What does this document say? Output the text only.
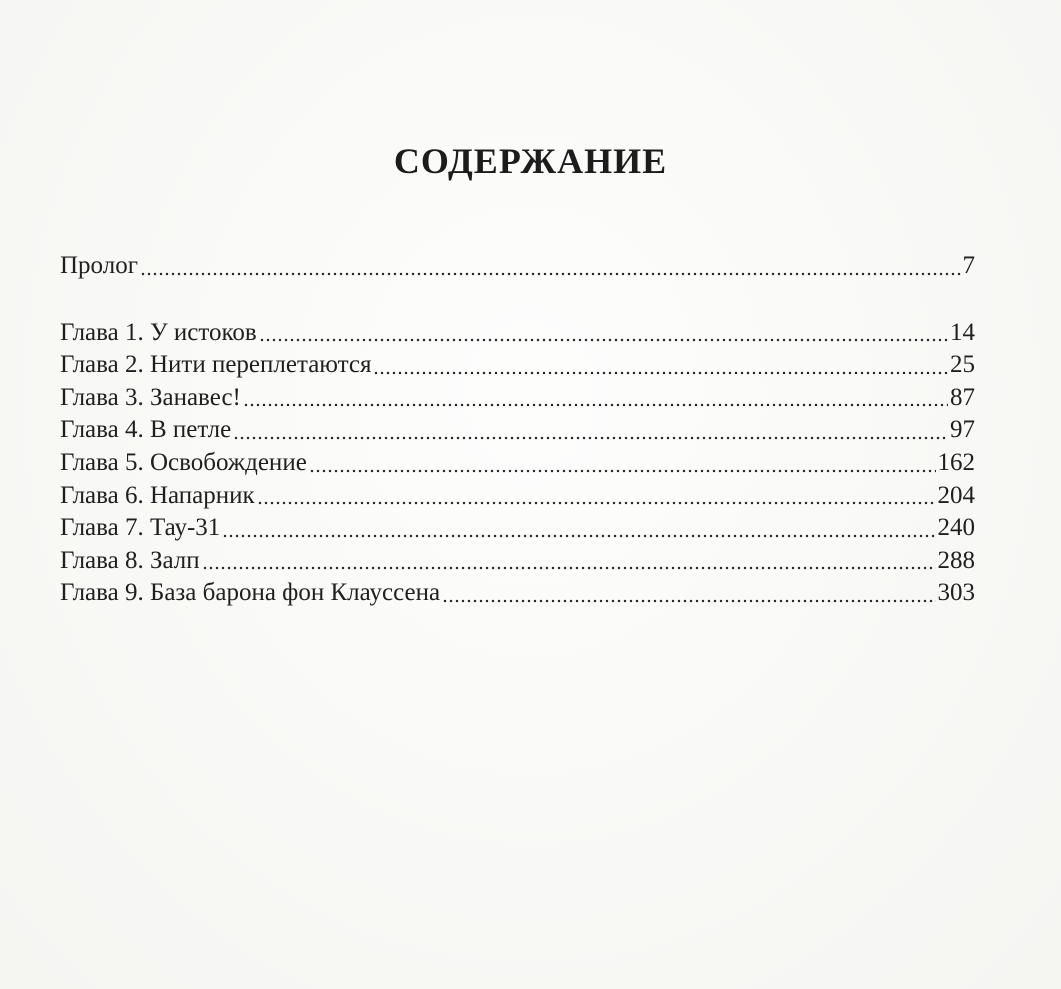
СОДЕРЖАНИЕ
Пролог	7
Глава 1. У истоков	14
Глава 2. Нити переплетаются	25
Глава 3. Занавес!	87
Глава 4. В петле	97
Глава 5. Освобождение	162
Глава 6. Напарник	204
Глава 7. Тау-31	240
Глава 8. Залп	288
Глава 9. База барона фон Клауссена	303
